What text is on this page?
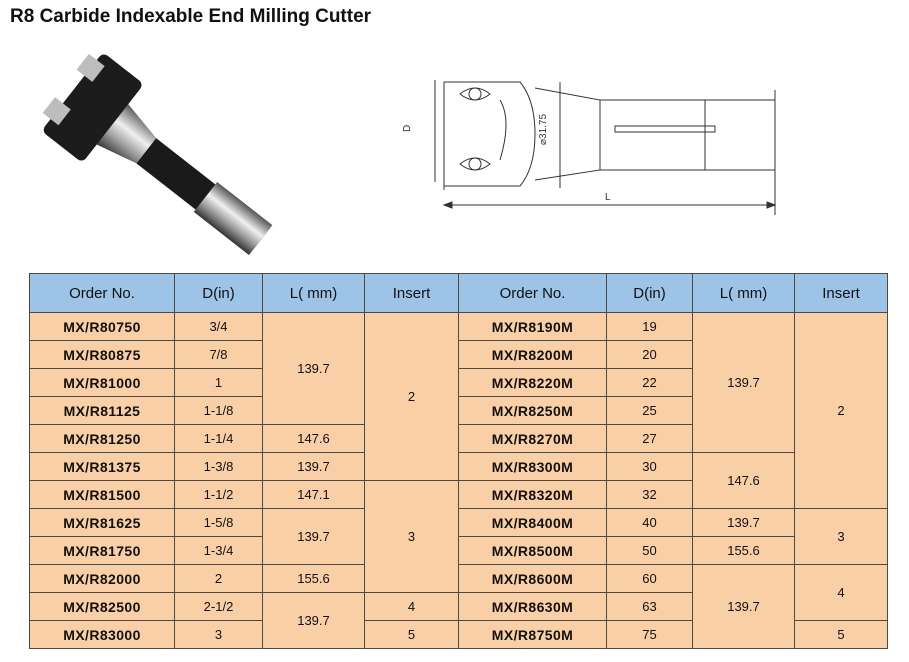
R8 Carbide Indexable End Milling Cutter
D	⌀31.75
L
Order No.	D(in)	L( mm)	Insert	Order No.	D(in)	L( mm)	Insert
MX/R80750	3/4	139.7	2	MX/R8190M	19	139.7	2
MX/R80875	7/8			MX/R8200M	20		
MX/R81000	1			MX/R8220M	22		
MX/R81125	1-1/8			MX/R8250M	25		
MX/R81250	1-1/4	147.6		MX/R8270M	27		
MX/R81375	1-3/8	139.7		MX/R8300M	30	147.6	
MX/R81500	1-1/2	147.1	3	MX/R8320M	32		
MX/R81625	1-5/8	139.7		MX/R8400M	40	139.7	3
MX/R81750	1-3/4			MX/R8500M	50	155.6	
MX/R82000	2	155.6		MX/R8600M	60	139.7	4
MX/R82500	2-1/2	139.7	4	MX/R8630M	63		
MX/R83000	3		5	MX/R8750M	75		5
